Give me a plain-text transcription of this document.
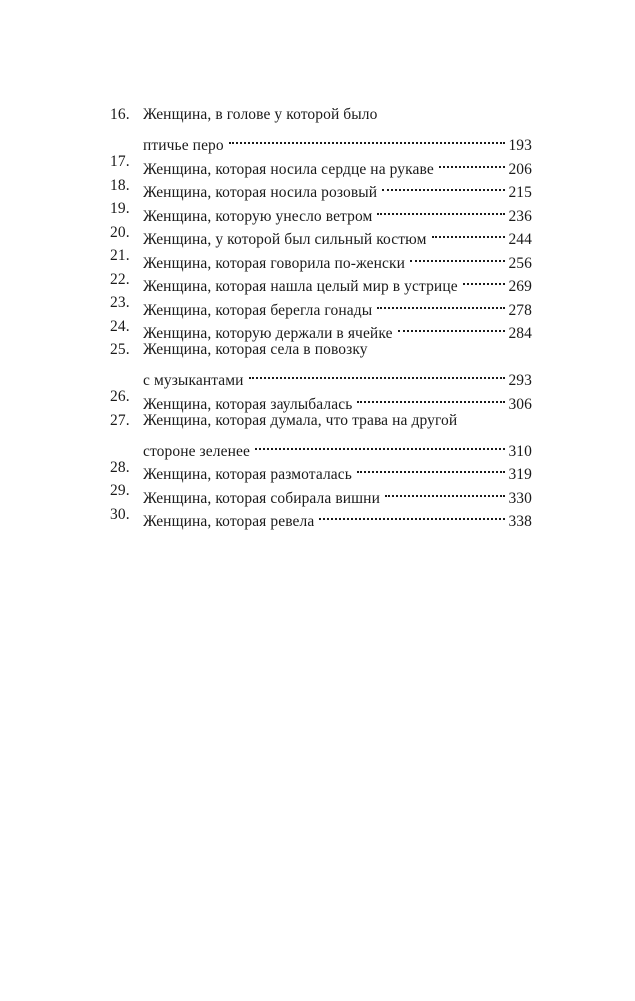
16. Женщина, в голове у которой было
птичье перо	193
17. Женщина, которая носила сердце на рукаве	206
18. Женщина, которая носила розовый	215
19. Женщина, которую унесло ветром	236
20. Женщина, у которой был сильный костюм	244
21. Женщина, которая говорила по-женски	256
22. Женщина, которая нашла целый мир в устрице	269
23. Женщина, которая берегла гонады	278
24. Женщина, которую держали в ячейке	284
25. Женщина, которая села в повозку
с музыкантами	293
26. Женщина, которая заулыбалась	306
27. Женщина, которая думала, что трава на другой
стороне зеленее	310
28. Женщина, которая размоталась	319
29. Женщина, которая собирала вишни	330
30. Женщина, которая ревела	338
